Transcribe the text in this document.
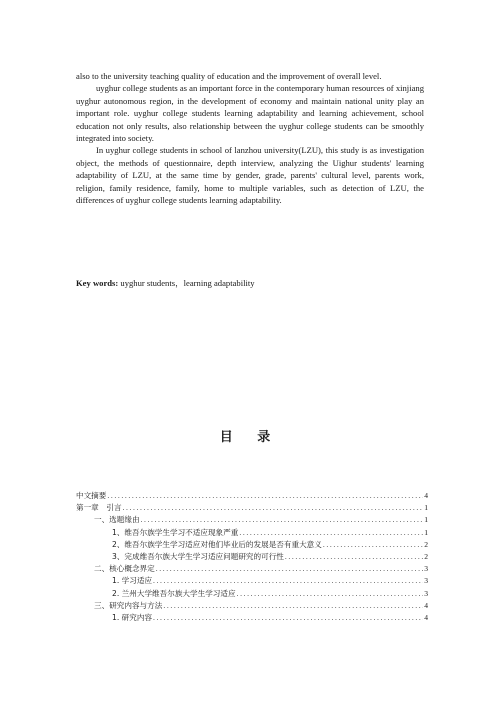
also to the university teaching quality of education and the improvement of overall level.

uyghur college students as an important force in the contemporary human resources of xinjiang uyghur autonomous region, in the development of economy and maintain national unity play an important role. uyghur college students learning adaptability and learning achievement, school education not only results, also relationship between the uyghur college students can be smoothly integrated into society.

In uyghur college students in school of lanzhou university(LZU), this study is as investigation object, the methods of questionnaire, depth interview, analyzing the Uighur students' learning adaptability of LZU, at the same time by gender, grade, parents' cultural level, parents work, religion, family residence, family, home to multiple variables, such as detection of LZU, the differences of uyghur college students learning adaptability.

Key words: uyghur students，learning adaptability
目 录
中文摘要 .....	4
第一章　引言 .....	1
一、选题缘由 .....	1
1、维吾尔族学生学习不适应现象严重 .....	1
2、维吾尔族学生学习适应对他们毕业后的发展是否有重大意义 .....	2
3、完成维吾尔族大学生学习适应问题研究的可行性 .....	2
二、核心概念界定 .....	3
1. 学习适应 .....	3
2. 兰州大学维吾尔族大学生学习适应 .....	3
三、研究内容与方法 .....	4
1. 研究内容 .....	4
